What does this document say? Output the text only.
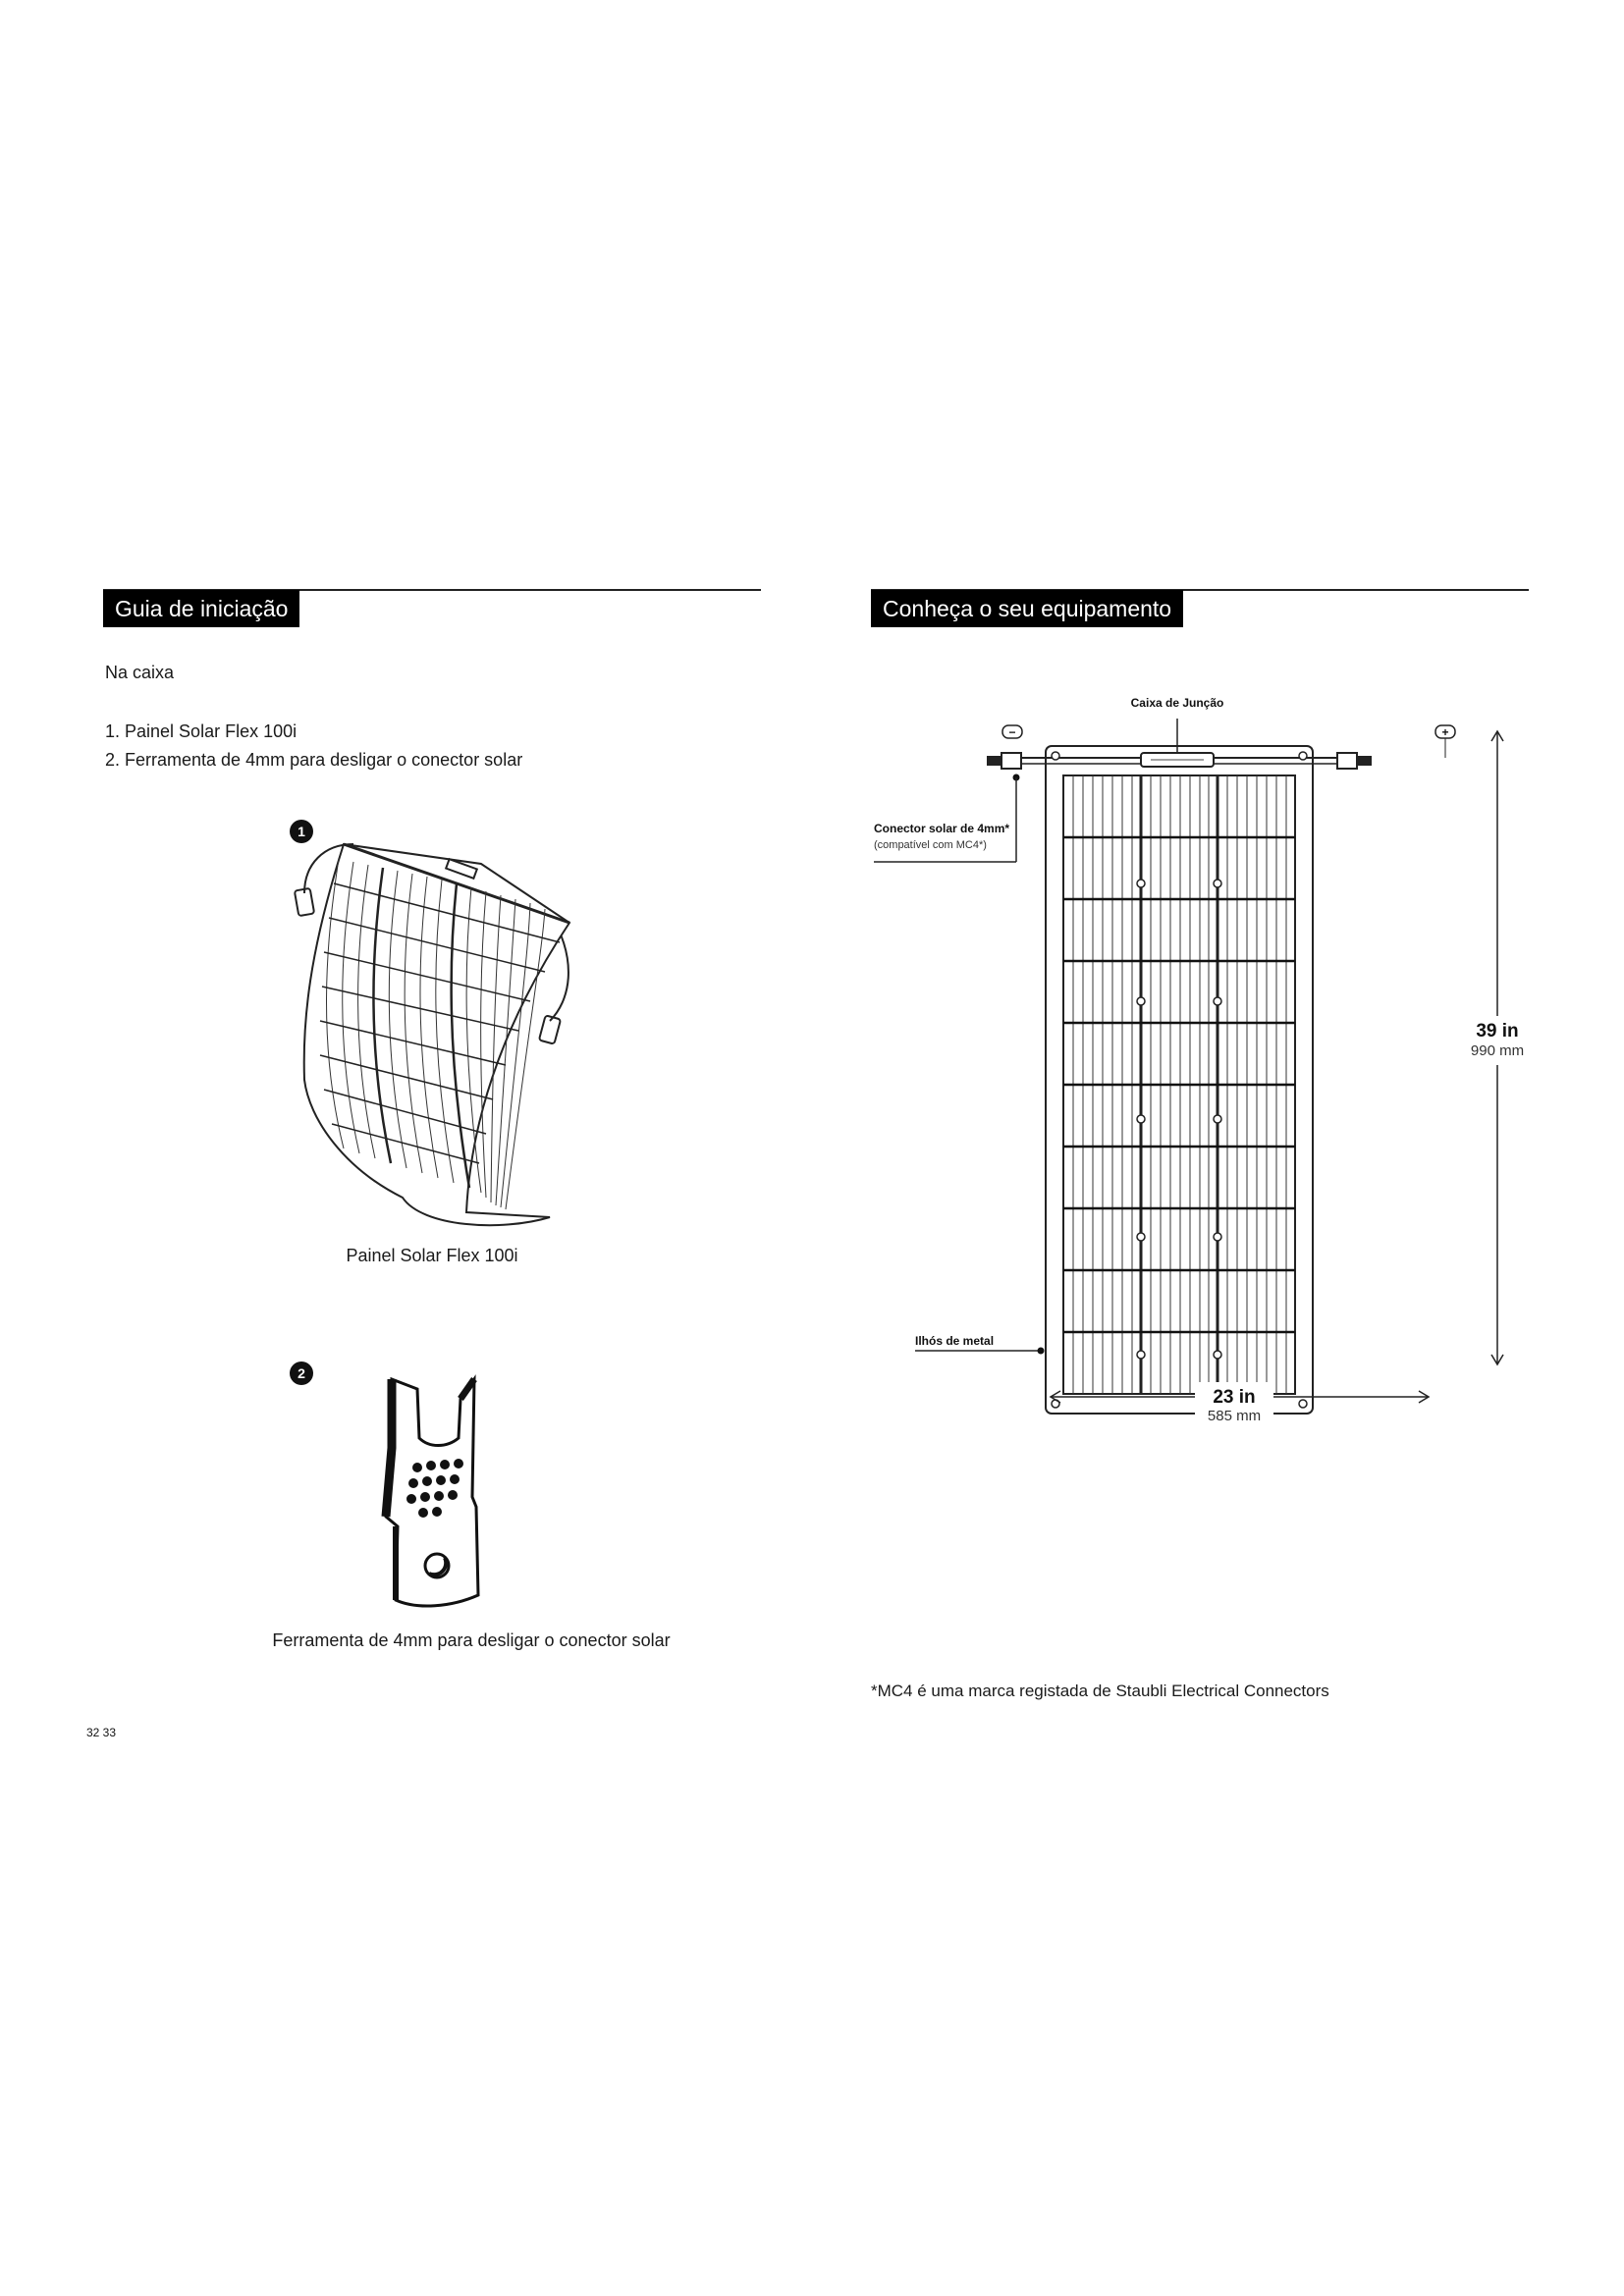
Guia de iniciação
Na caixa
1. Painel Solar Flex 100i
2. Ferramenta de 4mm para desligar o conector solar
1
Painel Solar Flex 100i
2
Ferramenta de 4mm para desligar o conector solar
32 33
Conheça o seu equipamento
Caixa de Junção
−	+
Conector solar de 4mm*
(compatível com MC4*)
Ilhós de metal
39 in
990 mm
23 in
585 mm
*MC4 é uma marca registada de Staubli Electrical Connectors
